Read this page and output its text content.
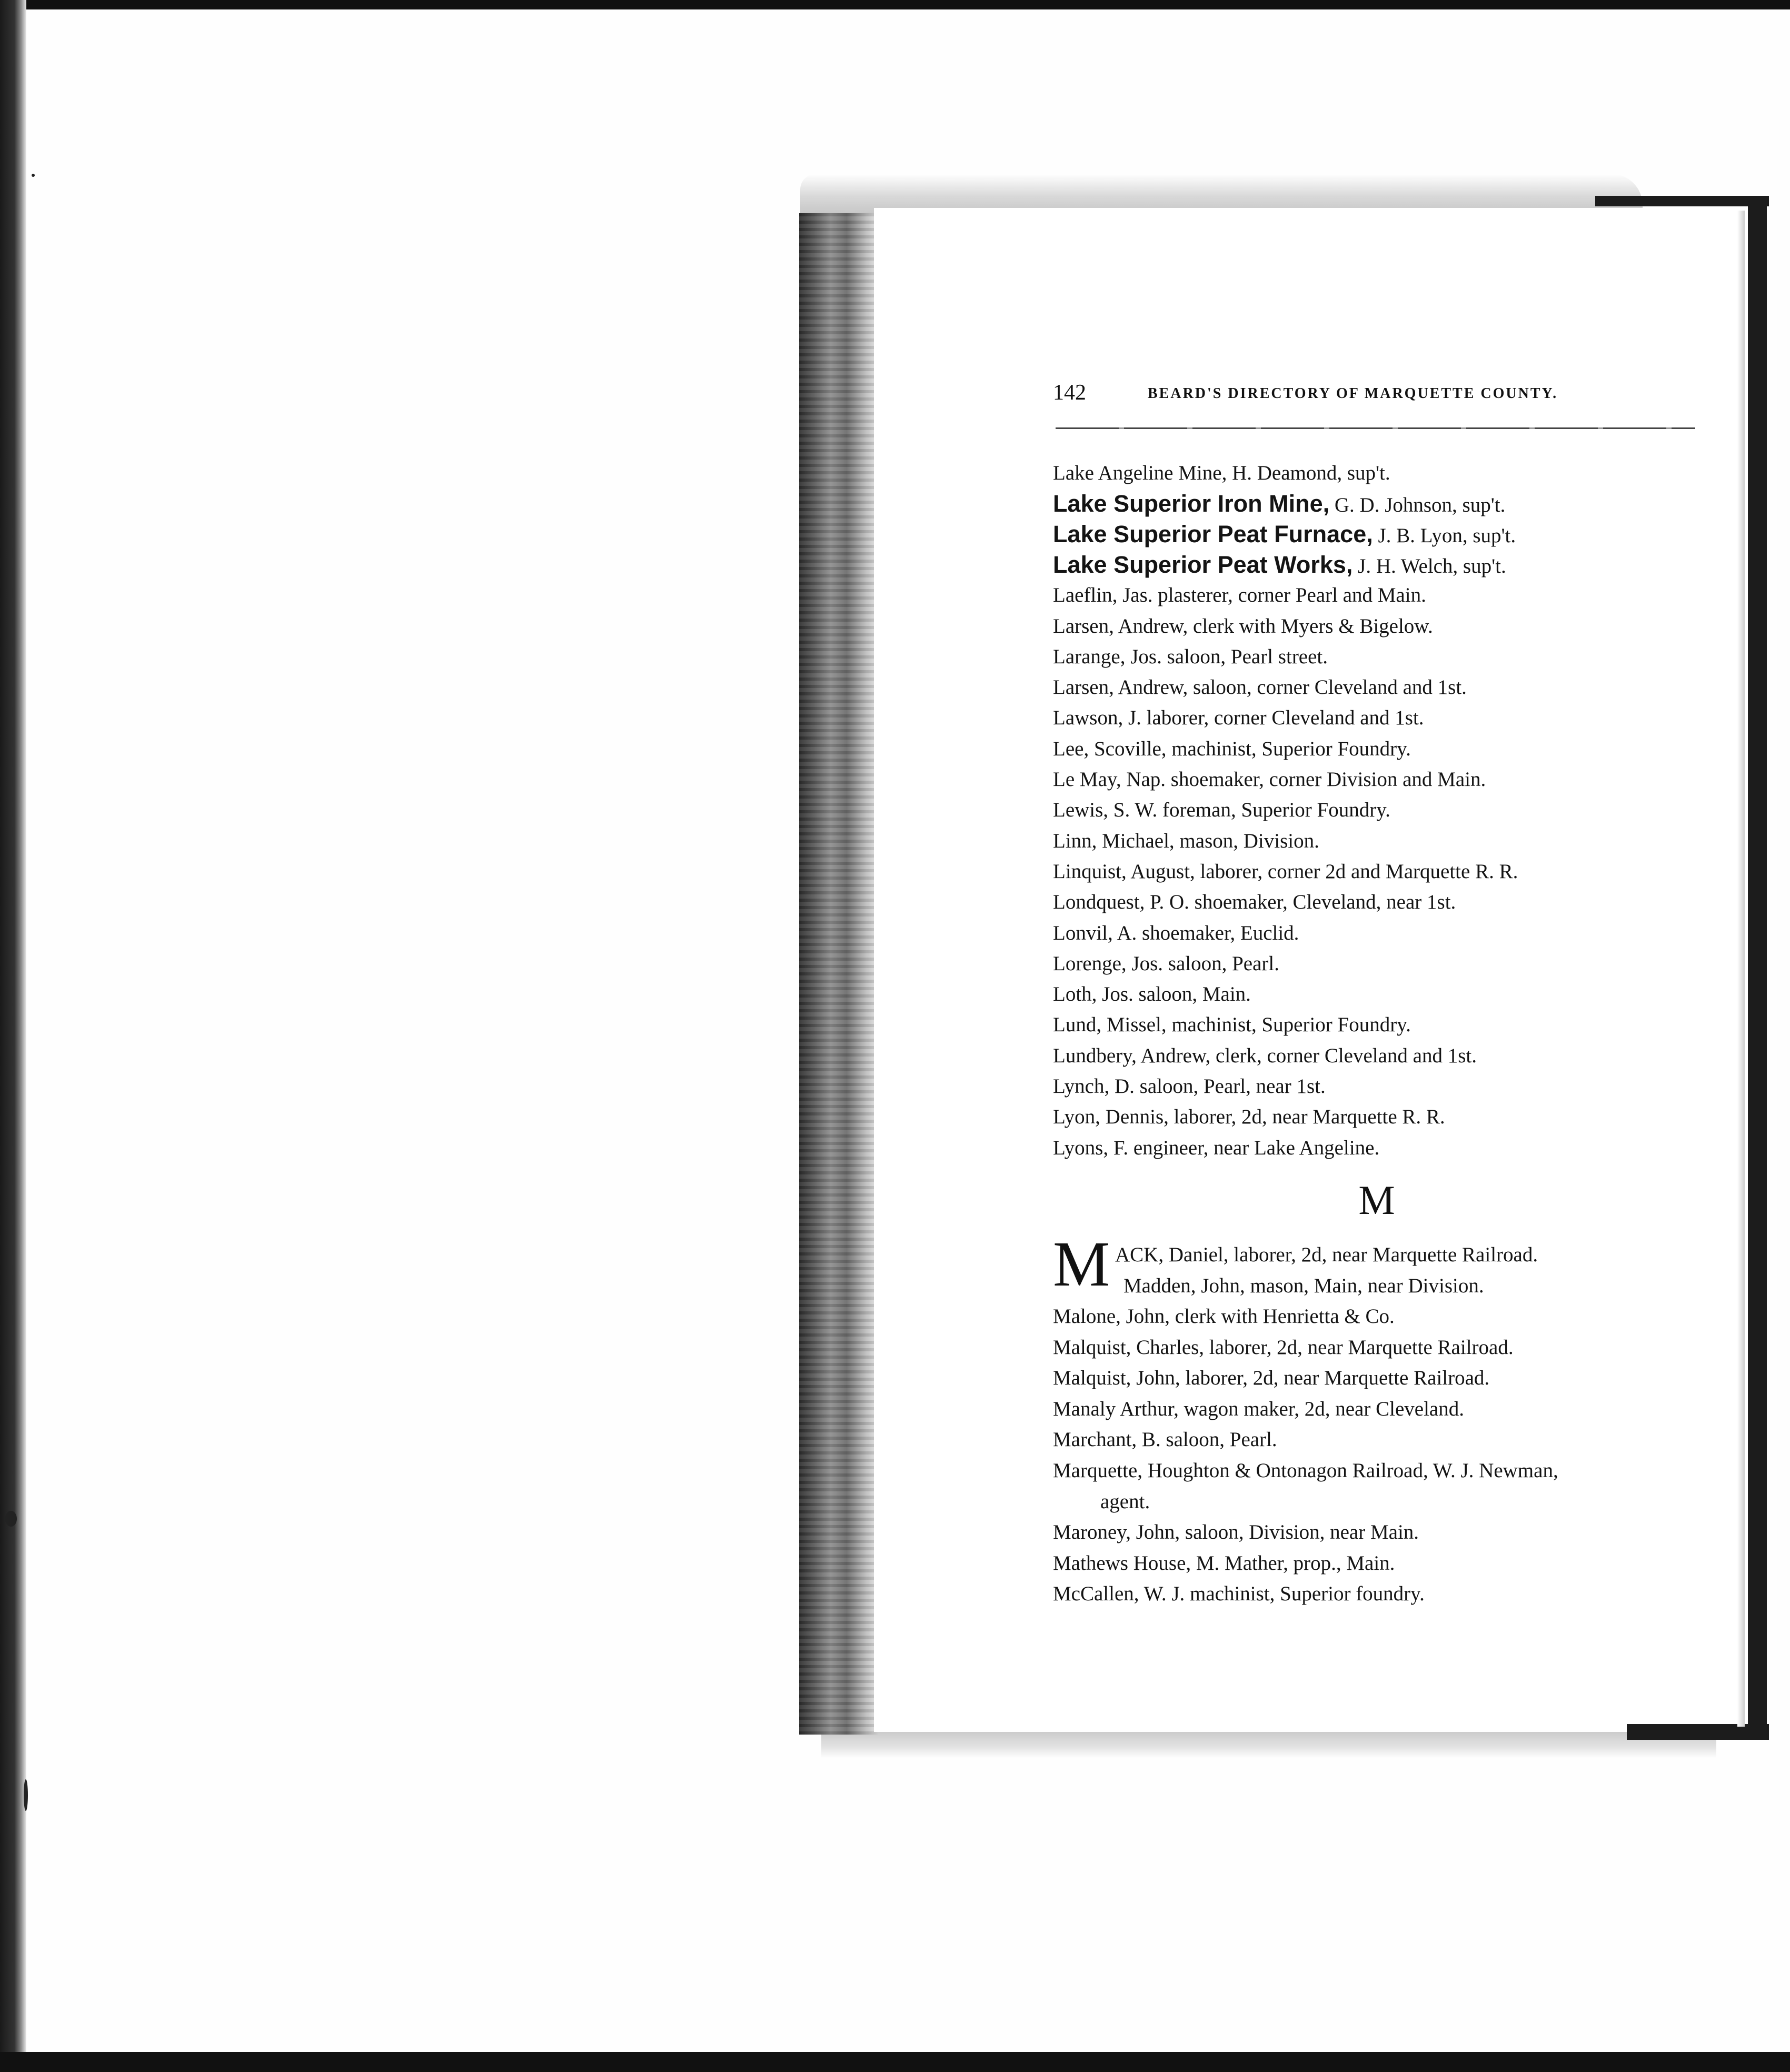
142	BEARD'S DIRECTORY OF MARQUETTE COUNTY.
Lake Angeline Mine, H. Deamond, sup't.
Lake Superior Iron Mine, G. D. Johnson, sup't.
Lake Superior Peat Furnace, J. B. Lyon, sup't.
Lake Superior Peat Works, J. H. Welch, sup't.
Laeflin, Jas. plasterer, corner Pearl and Main.
Larsen, Andrew, clerk with Myers & Bigelow.
Larange, Jos. saloon, Pearl street.
Larsen, Andrew, saloon, corner Cleveland and 1st.
Lawson, J. laborer, corner Cleveland and 1st.
Lee, Scoville, machinist, Superior Foundry.
Le May, Nap. shoemaker, corner Division and Main.
Lewis, S. W. foreman, Superior Foundry.
Linn, Michael, mason, Division.
Linquist, August, laborer, corner 2d and Marquette R. R.
Londquest, P. O. shoemaker, Cleveland, near 1st.
Lonvil, A. shoemaker, Euclid.
Lorenge, Jos. saloon, Pearl.
Loth, Jos. saloon, Main.
Lund, Missel, machinist, Superior Foundry.
Lundbery, Andrew, clerk, corner Cleveland and 1st.
Lynch, D. saloon, Pearl, near 1st.
Lyon, Dennis, laborer, 2d, near Marquette R. R.
Lyons, F. engineer, near Lake Angeline.
M
M ACK, Daniel, laborer, 2d, near Marquette Railroad.
Madden, John, mason, Main, near Division.
Malone, John, clerk with Henrietta & Co.
Malquist, Charles, laborer, 2d, near Marquette Railroad.
Malquist, John, laborer, 2d, near Marquette Railroad.
Manaly Arthur, wagon maker, 2d, near Cleveland.
Marchant, B. saloon, Pearl.
Marquette, Houghton & Ontonagon Railroad, W. J. Newman,
agent.
Maroney, John, saloon, Division, near Main.
Mathews House, M. Mather, prop., Main.
McCallen, W. J. machinist, Superior foundry.
